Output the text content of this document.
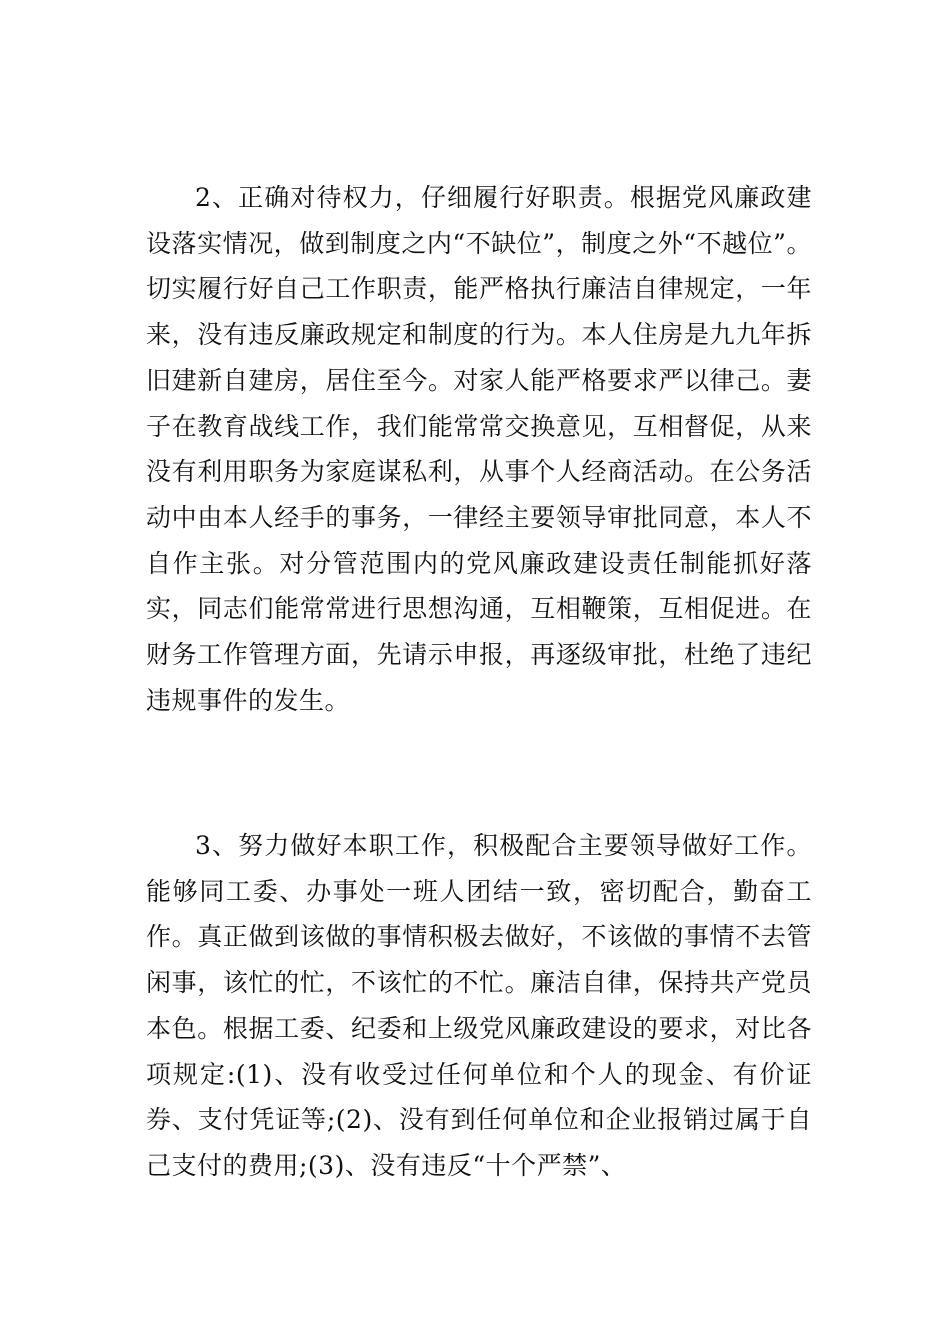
2、正确对待权力，仔细履行好职责。根据党风廉政建设落实情况，做到制度之内“不缺位”，制度之外“不越位”。切实履行好自己工作职责，能严格执行廉洁自律规定，一年来，没有违反廉政规定和制度的行为。本人住房是九九年拆旧建新自建房，居住至今。对家人能严格要求严以律己。妻子在教育战线工作，我们能常常交换意见，互相督促，从来没有利用职务为家庭谋私利，从事个人经商活动。在公务活动中由本人经手的事务，一律经主要领导审批同意，本人不自作主张。对分管范围内的党风廉政建设责任制能抓好落实，同志们能常常进行思想沟通，互相鞭策，互相促进。在财务工作管理方面，先请示申报，再逐级审批，杜绝了违纪违规事件的发生。

3、努力做好本职工作，积极配合主要领导做好工作。能够同工委、办事处一班人团结一致，密切配合，勤奋工作。真正做到该做的事情积极去做好，不该做的事情不去管闲事，该忙的忙，不该忙的不忙。廉洁自律，保持共产党员本色。根据工委、纪委和上级党风廉政建设的要求，对比各项规定:(1)、没有收受过任何单位和个人的现金、有价证券、支付凭证等;(2)、没有到任何单位和企业报销过属于自己支付的费用;(3)、没有违反“十个严禁”、
